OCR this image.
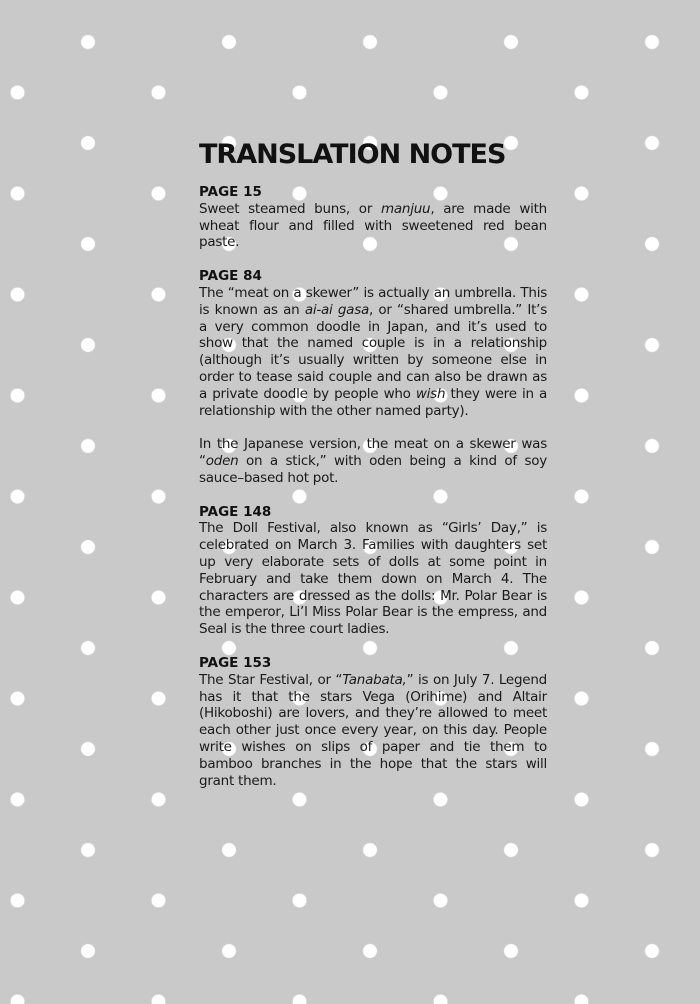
TRANSLATION NOTES
PAGE 15

Sweet steamed buns, or manjuu, are made with wheat flour and filled with sweetened red bean paste.

PAGE 84

The “meat on a skewer” is actually an umbrella. This is known as an ai-ai gasa, or “shared umbrella.” It’s a very common doodle in Japan, and it’s used to show that the named couple is in a relationship (although it’s usually written by someone else in order to tease said couple and can also be drawn as a private doodle by people who wish they were in a relationship with the other named party).

In the Japanese version, the meat on a skewer was “oden on a stick,” with oden being a kind of soy sauce–based hot pot.

PAGE 148

The Doll Festival, also known as “Girls’ Day,” is celebrated on March 3. Families with daughters set up very elaborate sets of dolls at some point in February and take them down on March 4. The characters are dressed as the dolls: Mr. Polar Bear is the emperor, Li’l Miss Polar Bear is the empress, and Seal is the three court ladies.

PAGE 153

The Star Festival, or “Tanabata,” is on July 7. Legend has it that the stars Vega (Orihime) and Altair (Hikoboshi) are lovers, and they’re allowed to meet each other just once every year, on this day. People write wishes on slips of paper and tie them to bamboo branches in the hope that the stars will grant them.
